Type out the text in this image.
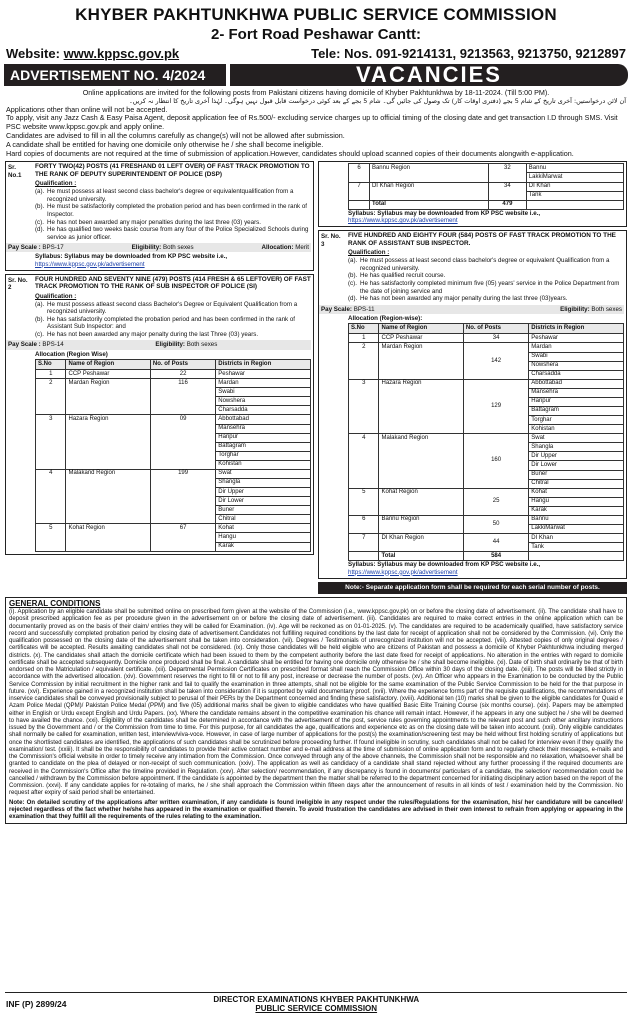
KHYBER PAKHTUNKHWA PUBLIC SERVICE COMMISSION
2- Fort Road Peshawar Cantt:
Website: www.kppsc.gov.pk	Tele: Nos. 091-9214131, 9213563, 9213750, 9212897
ADVERTISEMENT NO. 4/2024	VACANCIES

Online applications are invited for the following posts from Pakistani citizens having domicile of Khyber Pakhtunkhwa by 18-11-2024. (Till 5:00 PM).

آن لائن درخواستیں: آخری تاریخ کے شام 5 بجے (دفتری اوقات کار) تک وصول کی جائیں گی۔ شام 5 بجے کے بعد کوئی درخواست قابل قبول نہیں ہوگی۔ لہٰذا آخری تاریخ کا انتظار نہ کریں۔

Applications other than online will not be accepted.

To apply, visit any Jazz Cash & Easy Paisa Agent, deposit application fee of Rs.500/- excluding service charges up to official timing of the closing date and get transaction I.D through SMS. Visit PSC website www.kppsc.gov.pk and apply online.

Candidates are advised to fill in all the columns carefully as change(s) will not be allowed after submission.

A candidate shall be entitled for having one domicile only otherwise he / she shall become ineligible.

Hard copies of documents are not required at the time of submission of application.However, candidates should upload scanned copies of their documents alongwith e-application.

Sr. No.1
FORTY TWO(42) POSTS (41 FRESHAND 01 LEFT OVER) OF FAST TRACK PROMOTION TO THE RANK OF DEPUTY SUPERINTENDENT OF POLICE (DSP)
Qualification :
(a). He must possess at least second class bachelor's degree or equivalentqualification from a recognized university.
(b). He must be satisfactorily completed the probation period and has been confirmed in the rank of Inspector.
(c). He has not been awarded any major penalties during the last three (03) years.
(d). He has qualified two weeks basic course from any four of the Police Specialized Schools during service as junior officer.
Pay Scale : BPS-17	Eligibility: Both sexes	Allocation: Merit
Syllabus: Syllabus may be downloaded from KP PSC website i.e., https://www.kppsc.gov.pk/advertisement
Sr. No. 2
FOUR HUNDRED AND SEVENTY NINE (479) POSTS (414 FRESH & 65 LEFTOVER) OF FAST TRACK PROMOTION TO THE RANK OF SUB INSPECTOR OF POLICE (SI)
Qualification :
(a). He must possess atleast second class Bachelor's Degree or Equivalent Qualification from a recognized university.
(b). He has satisfactorily completed the probation period and has been confirmed in the rank of Assistant Sub Inspector: and
(c). He has not been awarded any major penalty during the last Three (03) years.
Pay Scale : BPS-14	Eligibility: Both sexes
Allocation (Region Wise)
S.No	Name of Region	No. of Posts	Districts in Region
1	CCP Peshawar	22	Peshawar
2	Mardan Region	116	Mardan
			Swabi
			Nowshera
			Charsadda
3	Hazara Region	09	Abbottabad
			Mansehra
			Haripur
			Battagram
			Torghar
			Kohistan
4	Malakand Region	199	Swat
			Shangla
			Dir Upper
			Dir Lower
			Buner
			Chitral
5	Kohat Region	67	Kohat
			Hangu
			Karak
6	Bannu Region	32	Bannu
			LakkiMarwat
7	DI Khan Region	34	DI Khan
			Tank
	Total	479	
Syllabus: Syllabus may be downloaded from KP PSC website i.e., https://www.kppsc.gov.pk/advertisement
Sr. No. 3
FIVE HUNDRED AND EIGHTY FOUR (584) POSTS OF FAST TRACK PROMOTION TO THE RANK OF ASSISTANT SUB INSPECTOR.
Qualification :
(a). He must possess at least second class bachelor's degree or equivalent Qualification from a recognized university.
(b). He has qualified recruit course.
(c). He has satisfactorily completed minimum five (05) years' service in the Police Department from the date of joining service and
(d). He has not been awarded any major penalty during the last three (03)years.
Pay Scale: BPS-11	Eligibility: Both sexes
Allocation (Region-wise):
S.No	Name of Region	No. of Posts	Districts in Region
1	CCP Peshawar	34	Peshawar
2	Mardan Region	142	Mardan
			Swabi
			Nowshera
			Charsadda
3	Hazara Region	129	Abbottabad
			Mansehra
			Haripur
			Battagram
			Torghar
			Kohistan
4	Malakand Region	160	Swat
			Shangla
			Dir Upper
			Dir Lower
			Buner
			Chitral
5	Kohat Region	25	Kohat
			Hangu
			Karak
6	Bannu Region	50	Bannu
			LakkiMarwat
7	DI Khan Region	44	DI Khan
			Tank
	Total	584	
Syllabus: Syllabus may be downloaded from KP PSC website i.e., https://www.kppsc.gov.pk/advertisement
Note:- Separate application form shall be required for each serial number of posts.
GENERAL CONDITIONS
(i). Application by an eligible candidate shall be submitted online on prescribed form given at the website of the Commission (i.e., www.kppsc.gov.pk) on or before the closing date of advertisement. (ii). The candidate shall have to deposit prescribed application fee as per procedure given in the advertisement on or before the closing date of advertisement. (iii). Candidates are required to make correct entries in the online application which can be documentarily proved as on the basis of their claim/ entries they will be called for Examination. (iv). Age will be reckoned as on 01-01-2025. (v). The candidates are required to be academically qualified, have satisfactory service record and successfully completed probation period by closing date of advertisement.Candidates not fulfilling required conditions by the last date for receipt of application shall not be considered by the Commission. (vi). Only the qualification possessed on the closing date of the advertisement shall be taken into consideration. (vii). Degrees / Testimonials of unrecognized institution will not be accepted. (viii). Attested copies of only original degrees / certificates will be accepted. Results awaiting candidates shall not be considered. (ix). Only those candidates will be held eligible who are citizens of Pakistan and possess a domicile of Khyber Pakhtunkhwa including merged districts. (x). The candidates shall attach the domicile certificate which had been issued to them by the competent authority before the last date fixed for receipt of applications. No alteration in the entries with regard to domicile certificate shall be accepted subsequently. Domicile once produced shall be final. A candidate shall be entitled for having one domicile only otherwise he / she shall become ineligible. (xi). Date of birth shall ordinarily be that of birth endorsed on the Matriculation / equivalent certificate. (xii). Departmental Permission Certificates on prescribed format shall reach the Commission Office within 30 days of the closing date. (xiii). The posts will be filled strictly in accordance with the advertised allocation. (xiv). Government reserves the right to fill or not to fill any post, increase or decrease the number of posts. (xv). An Officer who appears in the Examination to be conducted by the Public Service Commission by initial recruitment in the higher rank and fail to qualify the examination in three attempts, shall not be eligible for the same examination of the Public Service Commission to be held for the that purpose in future. (xvi). Experience gained in a recognized institution shall be taken into consideration if it is supported by valid documentary proof. (xvii). Where the experience forms part of the requisite qualifications, the recommendations of inservice candidates shall be conveyed provisionally subject to perusal of their PERs by the Department concerned and finding these satisfactory. (xviii). Additional ten (10) marks shall be given to the eligible candidates for Quaid e Azam Police Medal (QPM)/ Pakistan Police Medal (PPM) and five (05) additional marks shall be given to eligible candidates who have qualified Basic Elite Training Course (six months course). (xix). Papers may be attempted either in English or Urdu except English and Urdu Papers. (xx). Where the candidate remains absent in the competitive examination his chance will remain intact. However, if he appears in any one subject he / she will be deemed to have availed the chance. (xxi). Eligibility of the candidates shall be determined in accordance with the advertisement of the post, service rules governing appointments to the relevant post and such other ancillary instructions issued by the Government and / or the Commission from time to time. For this purpose, for all candidates the age, qualifications and experience etc as on the closing date will be taken into account. (xxii). Only eligible candidates shall normally be called for examination, written test, interview/viva-voce. However, in case of large number of applications for the post(s) the examination/screening test may be held without first holding scrutiny of applications but once the shortlisted candidates are identified, the applications of such candidates shall be scrutinized before proceeding further. If found ineligible in scrutiny, such candidates shall not be called for interview even if they qualify the examination/ test. (xxiii). It shall be the responsibility of candidates to provide their active contact number and e-mail address at the time of submission of online application form and to regularly check their messages, e-mails and the Commission's official website in order to timely receive any intimation from the Commission. Once conveyed through any of the above channels, the Commission shall not be responsible and no relaxation, whatsoever shall be granted to candidate on the plea of delayed or non-receipt of such communication. (xxiv). The application as well as candidacy of a candidate shall stand rejected without any further processing if the required documents are received in the Commission's Office after the timeline provided in Regulation. (xxv). After selection/ recommendation, if any discrepancy is found in documents/ particulars of a candidate, the selection/ recommendation could be cancelled / withdrawn by the Commission before appointment. If the candidate is appointed by the department then the matter shall be referred to the department concerned for initiating disciplinary action based on the report of the Commission. (xxvi). If any candidate applies for re-totaling of marks, he / she shall approach the Commission within fifteen days after the announcement of results in all kinds of test / examination held by the Commission. No request after expiry of said period shall be entertained.
Note: On detailed scrutiny of the applications after written examination, if any candidate is found ineligible in any respect under the rules/Regulations for the examination, his/ her candidature will be cancelled/ rejected regardless of the fact whether he/she has appeared in the examination or qualified therein. To avoid frustration the candidates are advised in their own interest to refrain from applying or appearing in the examination that they fulfill all the requirements of the rules relating to the examination.
INF (P) 2899/24	DIRECTOR EXAMINATIONS KHYBER PAKHTUNKHWA
PUBLIC SERVICE COMMISSION
